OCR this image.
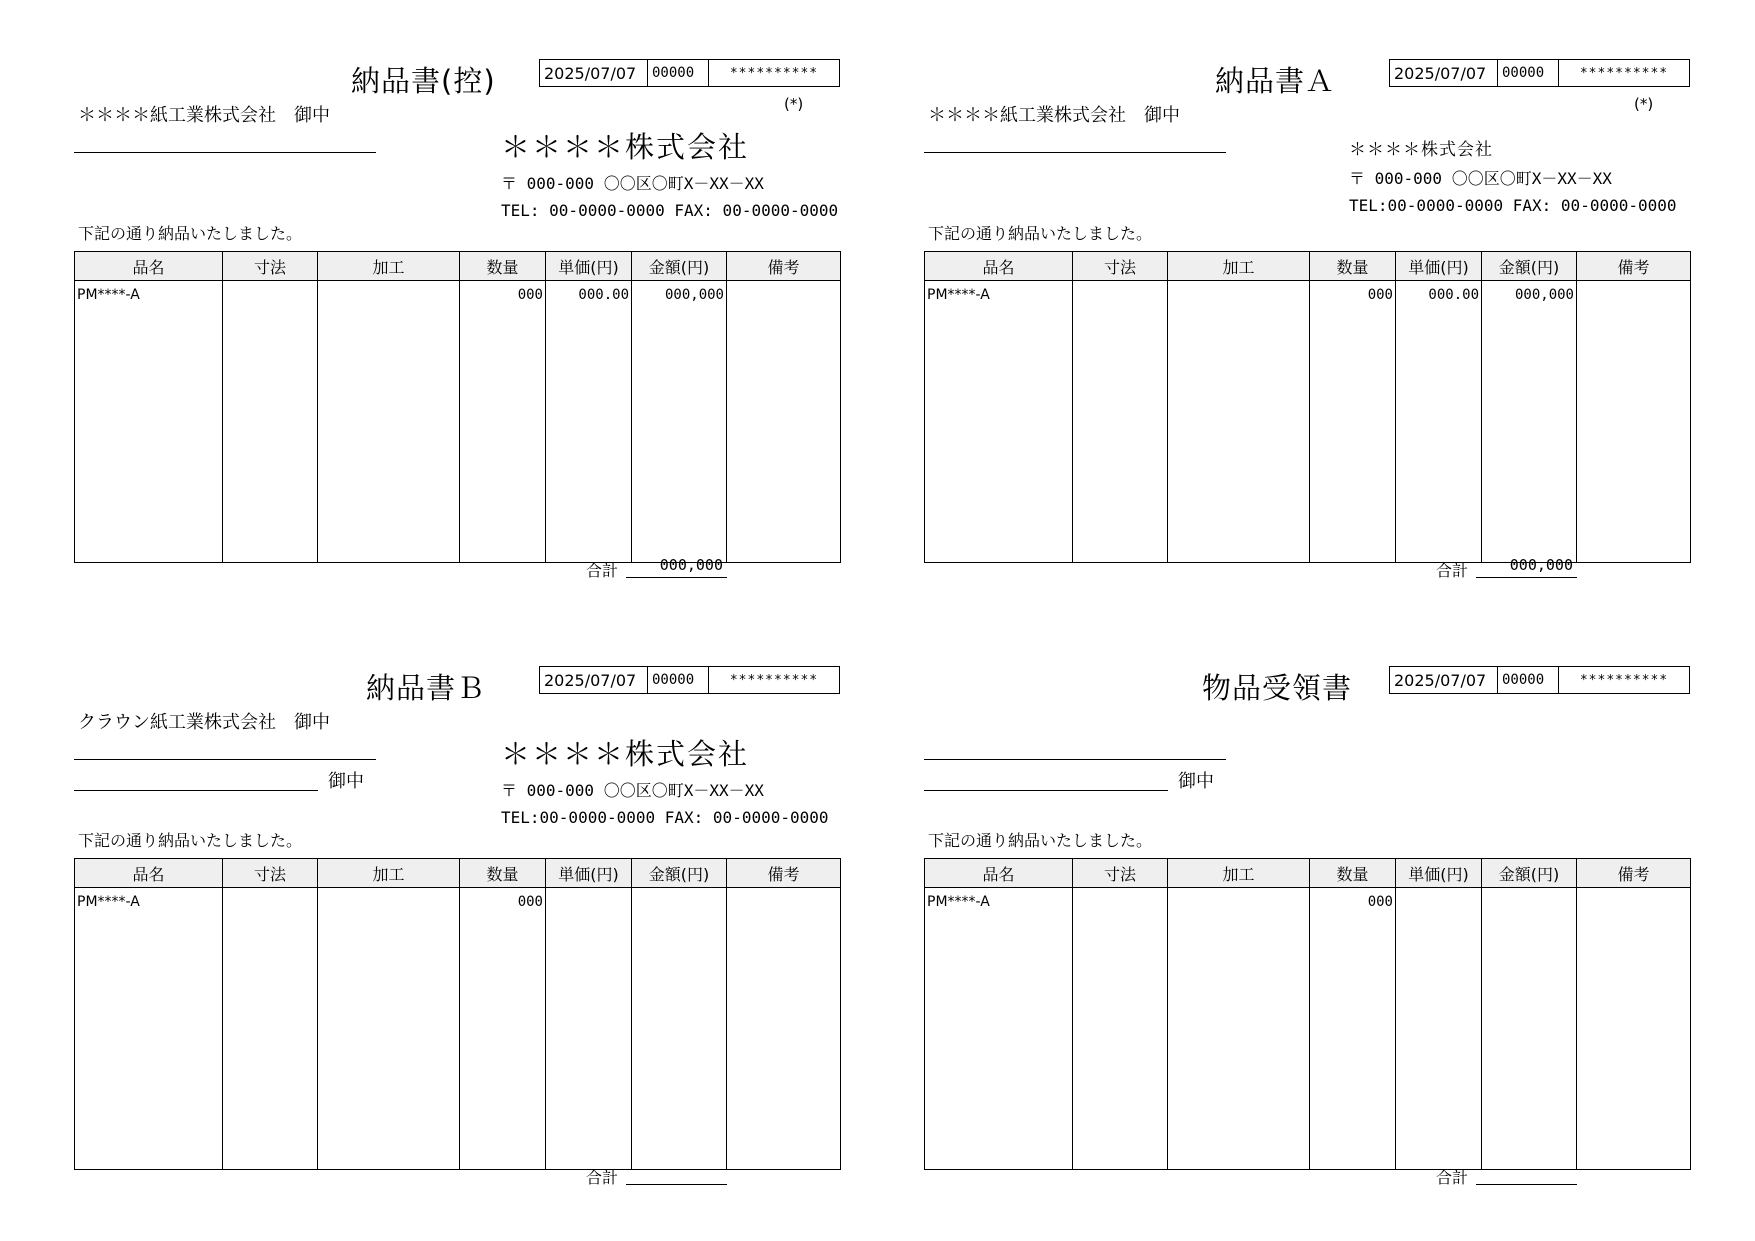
納品書(控)	2025/07/07	00000	**********
(*)
＊＊＊＊紙工業株式会社　御中
＊＊＊＊株式会社
〒 000-000 〇〇区〇町X－XX－XX
TEL: 00-0000-0000 FAX: 00-0000-0000
下記の通り納品いたしました。
品名	寸法	加工	数量	単価(円)	金額(円)	備考
PM****-A			000	000.00	000,000	

合計	000,000
納品書Ａ	2025/07/07	00000	**********
(*)
＊＊＊＊紙工業株式会社　御中
＊＊＊＊株式会社
〒 000-000 〇〇区〇町X－XX－XX
TEL:00-0000-0000 FAX: 00-0000-0000
下記の通り納品いたしました。
品名	寸法	加工	数量	単価(円)	金額(円)	備考
PM****-A			000	000.00	000,000	

合計	000,000
納品書Ｂ	2025/07/07	00000	**********
クラウン紙工業株式会社　御中
御中
＊＊＊＊株式会社
〒 000-000 〇〇区〇町X－XX－XX
TEL:00-0000-0000 FAX: 00-0000-0000
下記の通り納品いたしました。
品名	寸法	加工	数量	単価(円)	金額(円)	備考
PM****-A			000			

合計
物品受領書	2025/07/07	00000	**********
御中
下記の通り納品いたしました。
品名	寸法	加工	数量	単価(円)	金額(円)	備考
PM****-A			000			

合計
